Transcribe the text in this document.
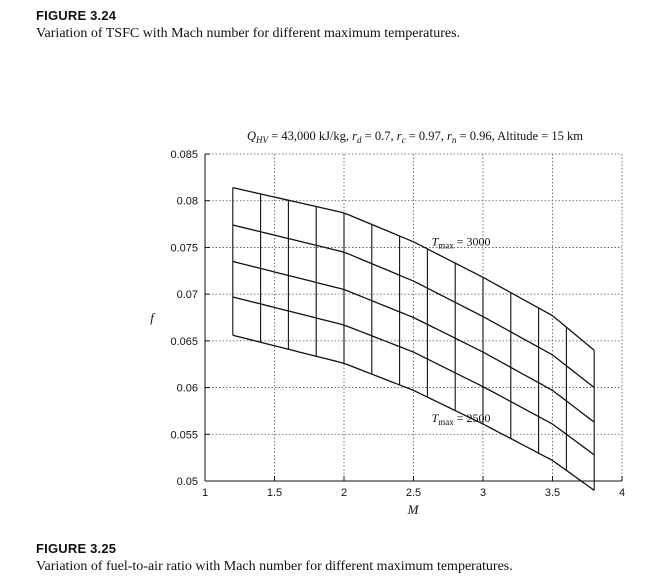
FIGURE 3.24
Variation of TSFC with Mach number for different maximum temperatures.
$Q_{HV} = 43,000$ kJ/kg, $r_d = 0.7$, $r_c = 0.97$, $r_n = 0.96$, Altitude = 15 km
1	1.5	2	2.5	3	3.5	4
0.05
0.055
0.06
0.065
0.07
0.075
0.08
0.085
$T_{max} = 3000$
$T_{max} = 2500$
M
f
FIGURE 3.25
Variation of fuel-to-air ratio with Mach number for different maximum temperatures.
